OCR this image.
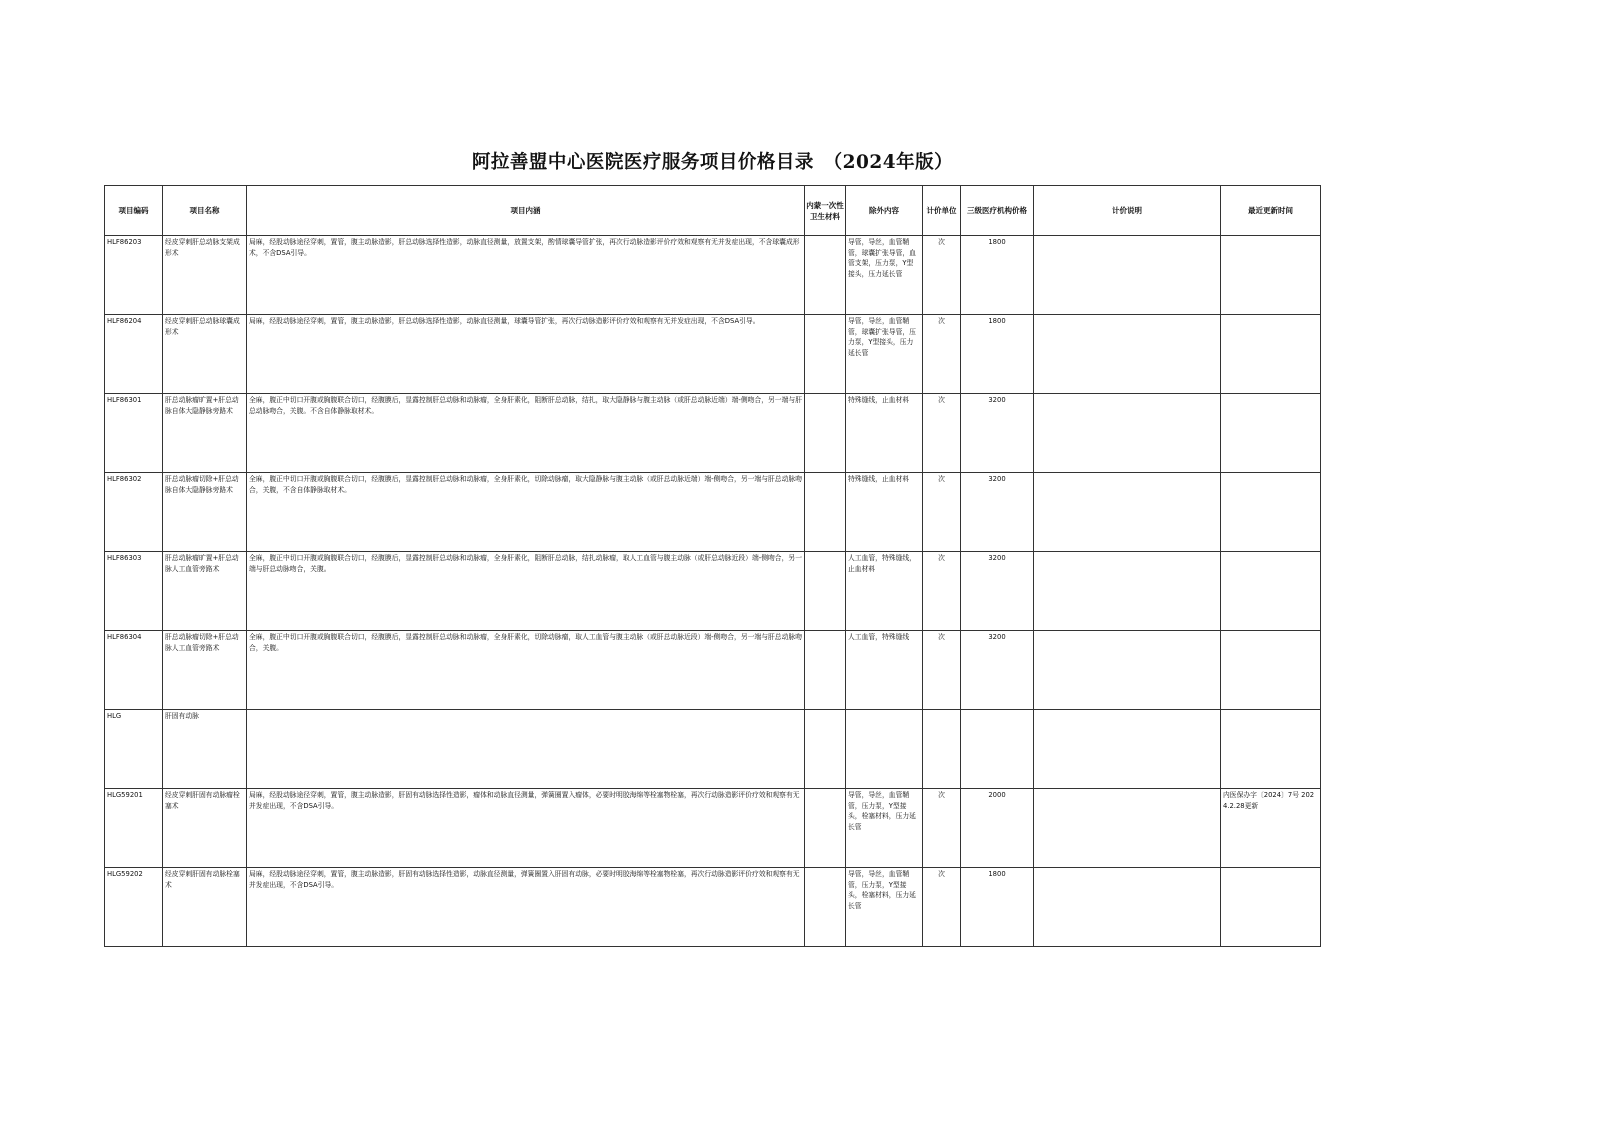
阿拉善盟中心医院医疗服务项目价格目录　（2024年版）
项目编码	项目名称	项目内涵	内蒙一次性卫生材料	除外内容	计价单位	三级医疗机构价格	计价说明	最近更新时间

HLF86203	经皮穿刺肝总动脉支架成形术	局麻，经股动脉途径穿刺，置管，腹主动脉造影，肝总动脉选择性造影，动脉直径测量，放置支架，酌情球囊导管扩张，再次行动脉造影评价疗效和观察有无并发症出现，不含球囊成形术，不含DSA引导。		导管，导丝，血管鞘管，球囊扩张导管，血管支架，压力泵，Y型接头，压力延长管	次	1800		

HLF86204	经皮穿刺肝总动脉球囊成形术	局麻，经股动脉途径穿刺，置管，腹主动脉造影，肝总动脉选择性造影，动脉直径测量，球囊导管扩张，再次行动脉造影评价疗效和观察有无并发症出现，不含DSA引导。		导管，导丝，血管鞘管，球囊扩张导管，压力泵，Y型接头，压力延长管	次	1800		

HLF86301	肝总动脉瘤旷置+肝总动脉自体大隐静脉旁路术	全麻，腹正中切口开腹或胸腹联合切口，经腹膜后，显露控制肝总动脉和动脉瘤，全身肝素化，阻断肝总动脉，结扎，取大隐静脉与腹主动脉（或肝总动脉近端）端-侧吻合，另一端与肝总动脉吻合，关腹。不含自体静脉取材术。		特殊缝线，止血材料	次	3200		

HLF86302	肝总动脉瘤切除+肝总动脉自体大隐静脉旁路术	全麻，腹正中切口开腹或胸腹联合切口，经腹膜后，显露控制肝总动脉和动脉瘤，全身肝素化，切除动脉瘤，取大隐静脉与腹主动脉（或肝总动脉近端）端-侧吻合，另一端与肝总动脉吻合，关腹，不含自体静脉取材术。		特殊缝线，止血材料	次	3200		

HLF86303	肝总动脉瘤旷置+肝总动脉人工血管旁路术	全麻，腹正中切口开腹或胸腹联合切口，经腹膜后，显露控制肝总动脉和动脉瘤，全身肝素化，阻断肝总动脉，结扎动脉瘤，取人工血管与腹主动脉（或肝总动脉近段）端-侧吻合，另一端与肝总动脉吻合，关腹。		人工血管，特殊缝线，止血材料	次	3200		

HLF86304	肝总动脉瘤切除+肝总动脉人工血管旁路术	全麻，腹正中切口开腹或胸腹联合切口，经腹膜后，显露控制肝总动脉和动脉瘤，全身肝素化，切除动脉瘤，取人工血管与腹主动脉（或肝总动脉近段）端-侧吻合，另一端与肝总动脉吻合，关腹。		人工血管，特殊缝线	次	3200		

HLG	肝固有动脉							

HLG59201	经皮穿刺肝固有动脉瘤栓塞术	局麻，经股动脉途径穿刺，置管，腹主动脉造影，肝固有动脉选择性造影，瘤体和动脉直径测量，弹簧圈置入瘤体，必要时明胶海绵等栓塞物栓塞，再次行动脉造影评价疗效和观察有无并发症出现，不含DSA引导。		导管，导丝，血管鞘管，压力泵，Y型接头，栓塞材料，压力延长管	次	2000		内医保办字〔2024〕7号 2024.2.28更新

HLG59202	经皮穿刺肝固有动脉栓塞术	局麻，经股动脉途径穿刺，置管，腹主动脉造影，肝固有动脉选择性造影，动脉直径测量，弹簧圈置入肝固有动脉，必要时明胶海绵等栓塞物栓塞，再次行动脉造影评价疗效和观察有无并发症出现，不含DSA引导。		导管，导丝，血管鞘管，压力泵，Y型接头，栓塞材料，压力延长管	次	1800		
